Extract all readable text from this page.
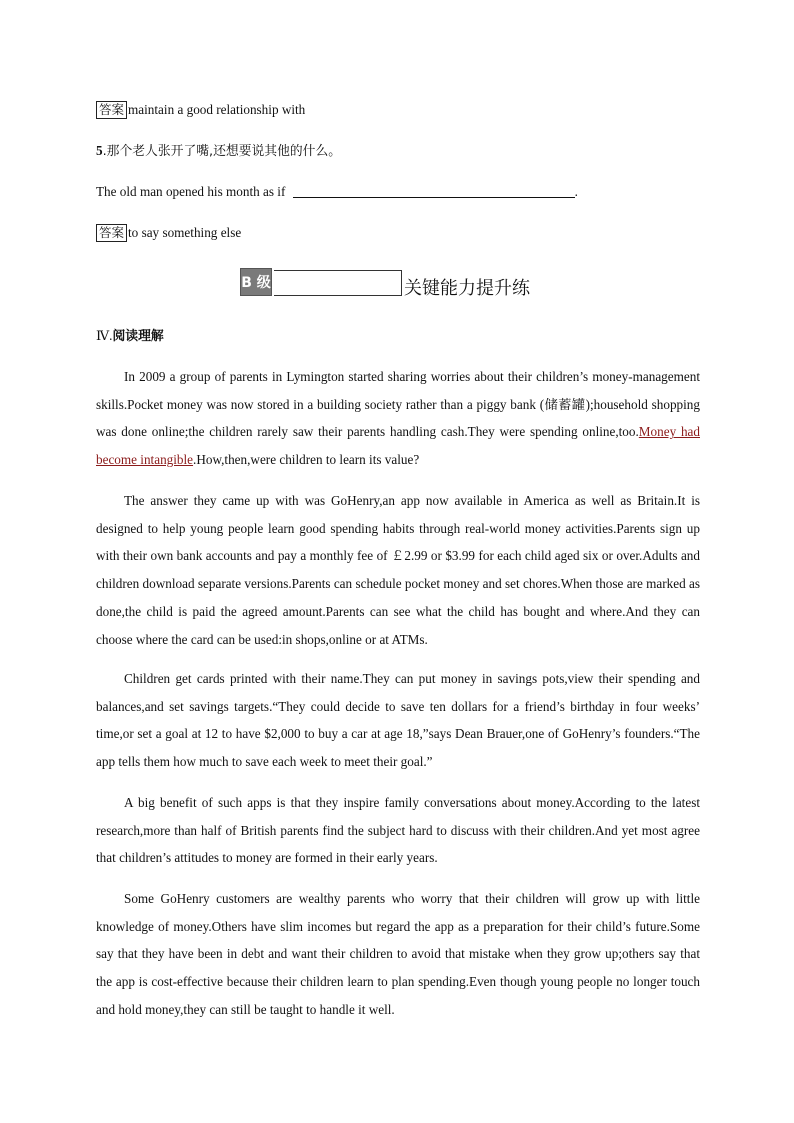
答案 maintain a good relationship with
5.那个老人张开了嘴,还想要说其他的什么。
The old man opened his month as if	.
答案 to say something else
B 级	关键能力提升练
Ⅳ.阅读理解

In 2009 a group of parents in Lymington started sharing worries about their children’s money-management skills.Pocket money was now stored in a building society rather than a piggy bank (储蓄罐);household shopping was done online;the children rarely saw their parents handling cash.They were spending online,too.Money had become intangible.How,then,were children to learn its value?

The answer they came up with was GoHenry,an app now available in America as well as Britain.It is designed to help young people learn good spending habits through real-world money activities.Parents sign up with their own bank accounts and pay a monthly fee of ￡2.99 or $3.99 for each child aged six or over.Adults and children download separate versions.Parents can schedule pocket money and set chores.When those are marked as done,the child is paid the agreed amount.Parents can see what the child has bought and where.And they can choose where the card can be used:in shops,online or at ATMs.

Children get cards printed with their name.They can put money in savings pots,view their spending and balances,and set savings targets.“They could decide to save ten dollars for a friend’s birthday in four weeks’ time,or set a goal at 12 to have $2,000 to buy a car at age 18,”says Dean Brauer,one of GoHenry’s founders.“The app tells them how much to save each week to meet their goal.”

A big benefit of such apps is that they inspire family conversations about money.According to the latest research,more than half of British parents find the subject hard to discuss with their children.And yet most agree that children’s attitudes to money are formed in their early years.

Some GoHenry customers are wealthy parents who worry that their children will grow up with little knowledge of money.Others have slim incomes but regard the app as a preparation for their child’s future.Some say that they have been in debt and want their children to avoid that mistake when they grow up;others say that the app is cost-effective because their children learn to plan spending.Even though young people no longer touch and hold money,they can still be taught to handle it well.
